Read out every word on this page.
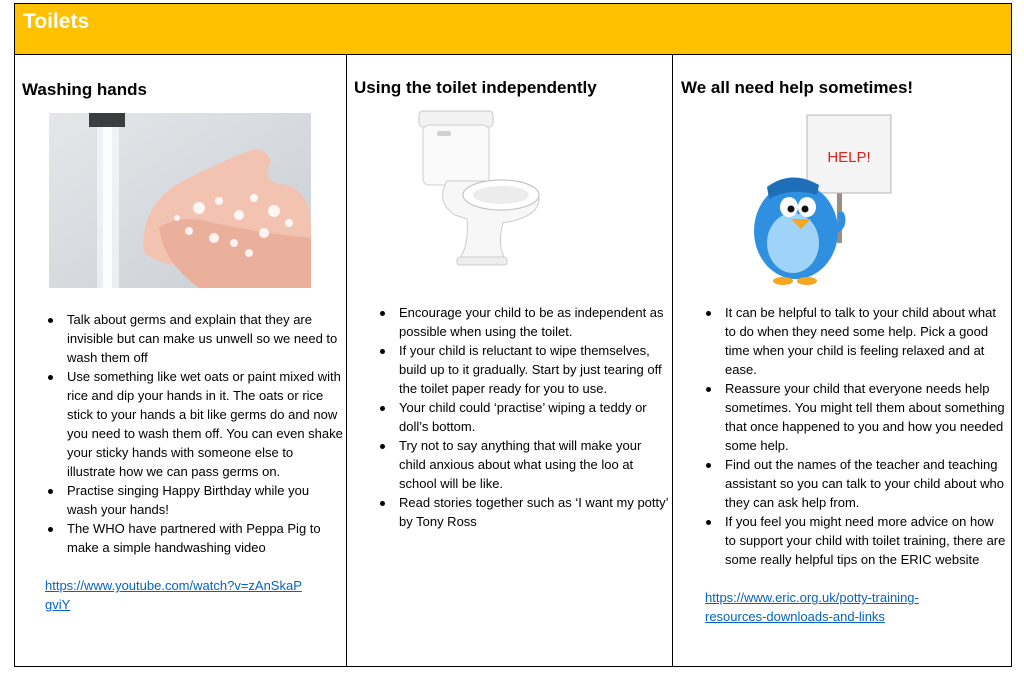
Toilets
Washing hands
Talk about germs and explain that they are invisible but can make us unwell so we need to wash them off
Use something like wet oats or paint mixed with rice and dip your hands in it. The oats or rice stick to your hands a bit like germs do and now you need to wash them off. You can even shake your sticky hands with someone else to illustrate how we can pass germs on.
Practise singing Happy Birthday while you wash your hands!
The WHO have partnered with Peppa Pig to make a simple handwashing video
https://www.youtube.com/watch?v=zAnSkaP
gviY
Using the toilet independently
Encourage your child to be as independent as possible when using the toilet.
If your child is reluctant to wipe themselves, build up to it gradually. Start by just tearing off the toilet paper ready for you to use.
Your child could ‘practise’ wiping a teddy or doll’s bottom.
Try not to say anything that will make your child anxious about what using the loo at school will be like.
Read stories together such as ‘I want my potty’ by Tony Ross
We all need help sometimes!
HELP!
It can be helpful to talk to your child about what to do when they need some help. Pick a good time when your child is feeling relaxed and at ease.
Reassure your child that everyone needs help sometimes. You might tell them about something that once happened to you and how you needed some help.
Find out the names of the teacher and teaching assistant so you can talk to your child about who they can ask help from.
If you feel you might need more advice on how to support your child with toilet training, there are some really helpful tips on the ERIC website
https://www.eric.org.uk/potty-training-
resources-downloads-and-links
